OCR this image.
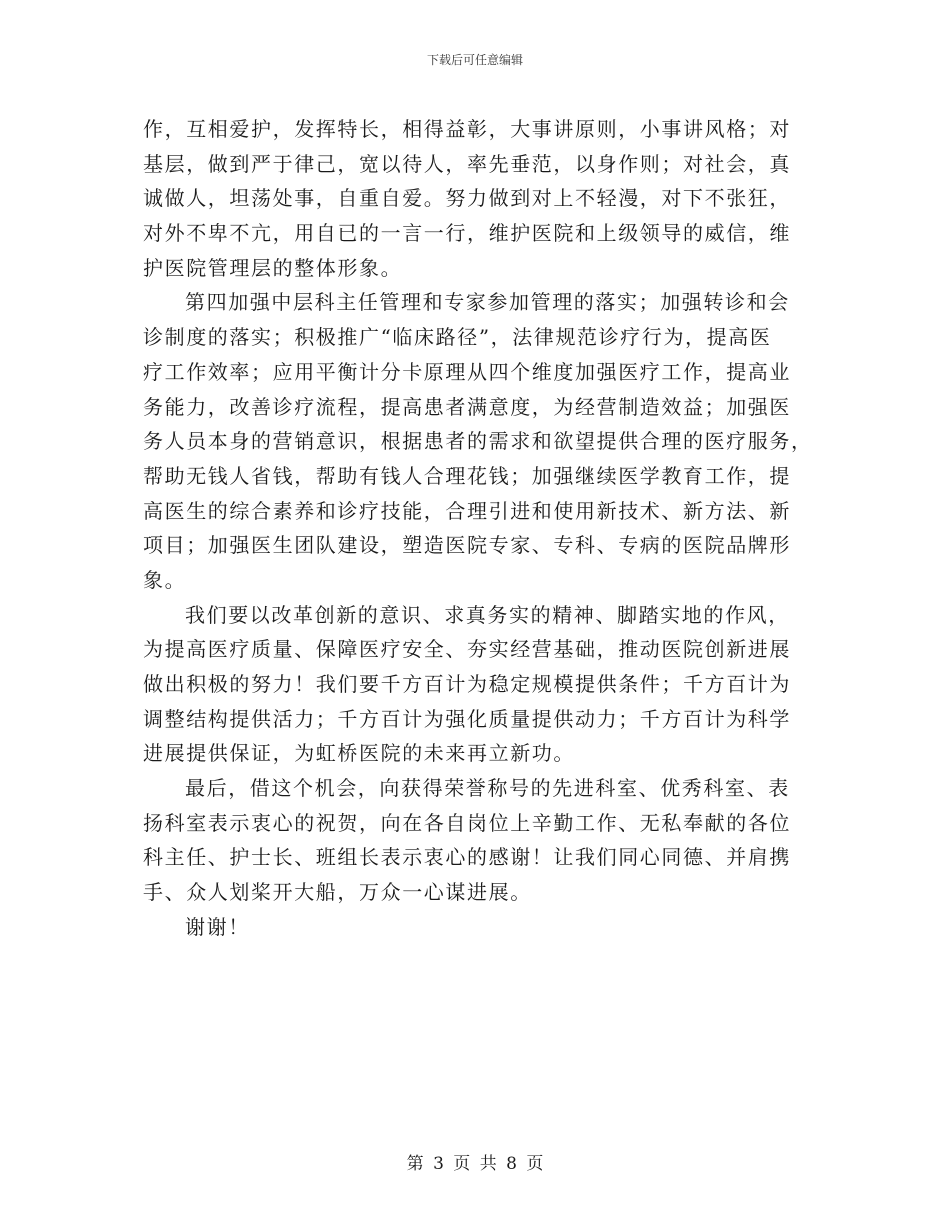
下载后可任意编辑
作，互相爱护，发挥特长，相得益彰，大事讲原则，小事讲风格；对
基层，做到严于律己，宽以待人，率先垂范，以身作则；对社会，真
诚做人，坦荡处事，自重自爱。努力做到对上不轻漫，对下不张狂，
对外不卑不亢，用自已的一言一行，维护医院和上级领导的威信，维
护医院管理层的整体形象。
第四加强中层科主任管理和专家参加管理的落实；加强转诊和会
诊制度的落实；积极推广“临床路径”，法律规范诊疗行为，提高医
疗工作效率；应用平衡计分卡原理从四个维度加强医疗工作，提高业
务能力，改善诊疗流程，提高患者满意度，为经营制造效益；加强医
务人员本身的营销意识，根据患者的需求和欲望提供合理的医疗服务，
帮助无钱人省钱，帮助有钱人合理花钱；加强继续医学教育工作，提
高医生的综合素养和诊疗技能，合理引进和使用新技术、新方法、新
项目；加强医生团队建设，塑造医院专家、专科、专病的医院品牌形
象。
我们要以改革创新的意识、求真务实的精神、脚踏实地的作风，
为提高医疗质量、保障医疗安全、夯实经营基础，推动医院创新进展
做出积极的努力！我们要千方百计为稳定规模提供条件；千方百计为
调整结构提供活力；千方百计为强化质量提供动力；千方百计为科学
进展提供保证，为虹桥医院的未来再立新功。
最后，借这个机会，向获得荣誉称号的先进科室、优秀科室、表
扬科室表示衷心的祝贺，向在各自岗位上辛勤工作、无私奉献的各位
科主任、护士长、班组长表示衷心的感谢！让我们同心同德、并肩携
手、众人划桨开大船，万众一心谋进展。
谢谢！
第 3 页 共 8 页
